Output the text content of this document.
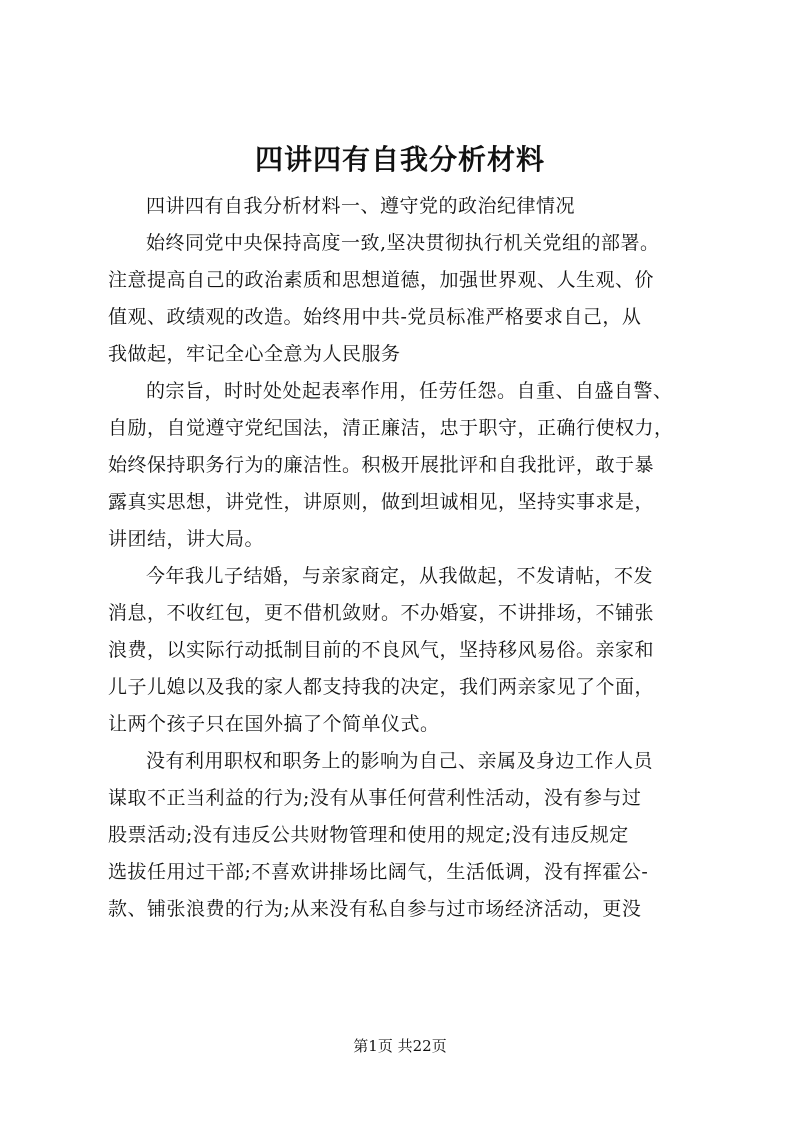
四讲四有自我分析材料
四讲四有自我分析材料一、遵守党的政治纪律情况
始终同党中央保持高度一致,坚决贯彻执行机关党组的部署。
注意提高自己的政治素质和思想道德，加强世界观、人生观、价
值观、政绩观的改造。始终用中共-党员标准严格要求自己，从
我做起，牢记全心全意为人民服务
的宗旨，时时处处起表率作用，任劳任怨。自重、自盛自警、
自励，自觉遵守党纪国法，清正廉洁，忠于职守，正确行使权力，
始终保持职务行为的廉洁性。积极开展批评和自我批评，敢于暴
露真实思想，讲党性，讲原则，做到坦诚相见，坚持实事求是，
讲团结，讲大局。
今年我儿子结婚，与亲家商定，从我做起，不发请帖，不发
消息，不收红包，更不借机敛财。不办婚宴，不讲排场，不铺张
浪费，以实际行动抵制目前的不良风气，坚持移风易俗。亲家和
儿子儿媳以及我的家人都支持我的决定，我们两亲家见了个面，
让两个孩子只在国外搞了个简单仪式。
没有利用职权和职务上的影响为自己、亲属及身边工作人员
谋取不正当利益的行为;没有从事任何营利性活动，没有参与过
股票活动;没有违反公共财物管理和使用的规定;没有违反规定
选拔任用过干部;不喜欢讲排场比阔气，生活低调，没有挥霍公-
款、铺张浪费的行为;从来没有私自参与过市场经济活动，更没
第1页 共22页
